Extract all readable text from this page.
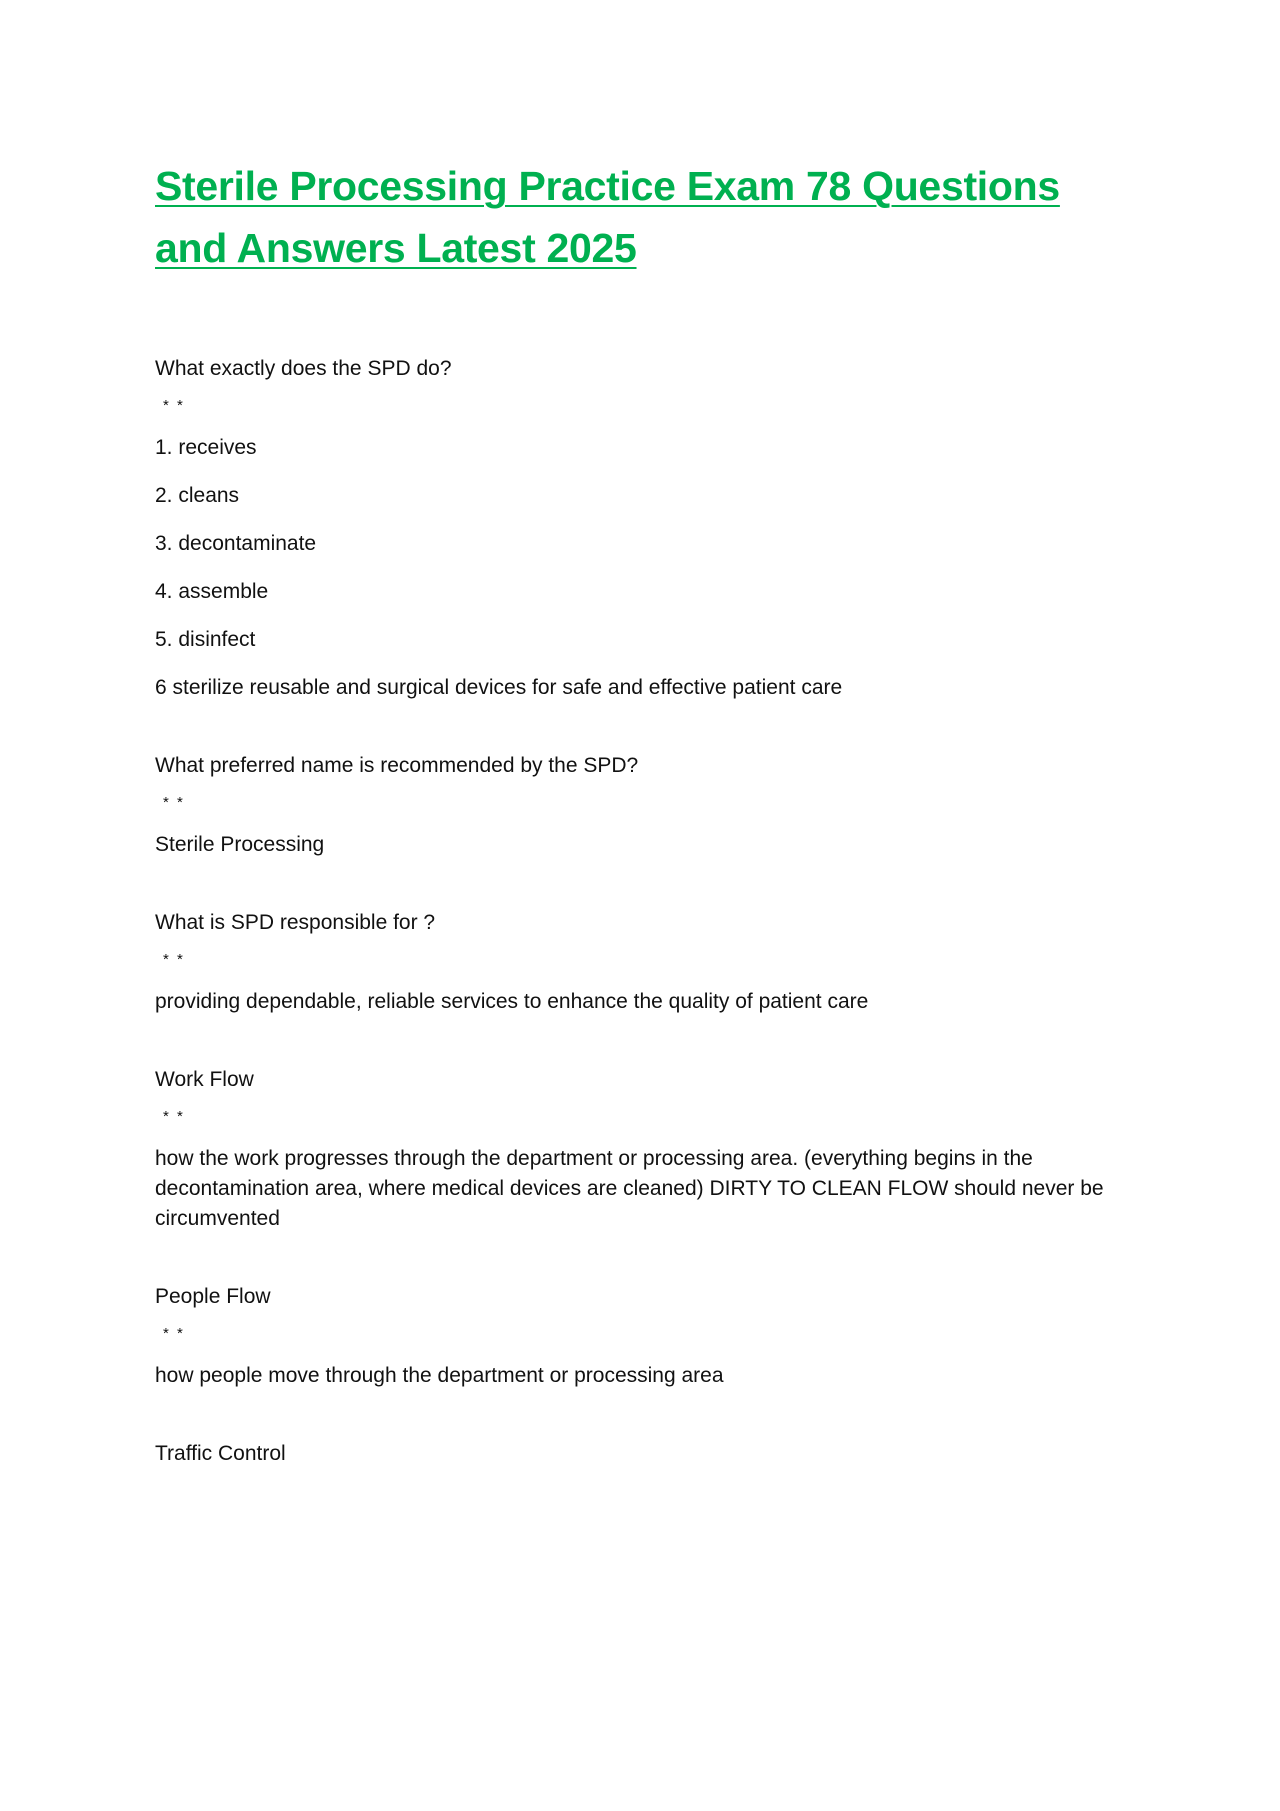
Sterile Processing Practice Exam 78 Questions and Answers Latest 2025

What exactly does the SPD do?

* *

1. receives

2. cleans

3. decontaminate

4. assemble

5. disinfect

6 sterilize reusable and surgical devices for safe and effective patient care

What preferred name is recommended by the SPD?

* *

Sterile Processing

What is SPD responsible for ?

* *

providing dependable, reliable services to enhance the quality of patient care

Work Flow

* *

how the work progresses through the department or processing area. (everything begins in the decontamination area, where medical devices are cleaned) DIRTY TO CLEAN FLOW should never be circumvented

People Flow

* *

how people move through the department or processing area

Traffic Control
